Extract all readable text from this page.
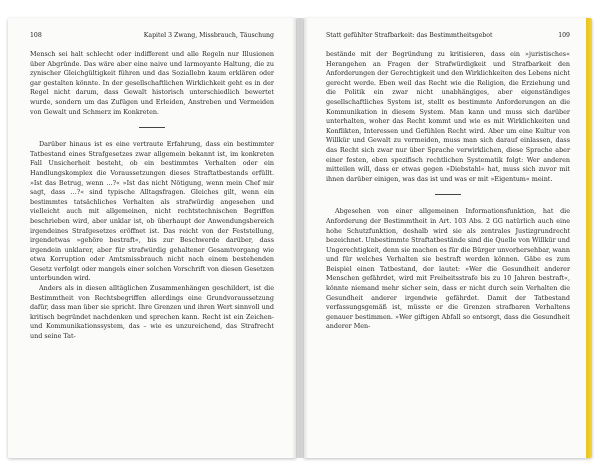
108	Kapitel 3 Zwang, Missbrauch, Täuschung

Mensch sei halt schlecht oder indifferent und alle Regeln nur Illusionen über Abgründe. Das wäre aber eine naive und larmoyante Haltung, die zu zynischer Gleichgültigkeit führen und das Soziallebn kaum erklären oder gar gestalten könnte. In der gesellschaftlichen Wirklichkeit geht es in der Regel nicht darum, dass Gewalt historisch unterschiedlich bewertet wurde, sondern um das Zufügen und Erleiden, Anstreben und Vermeiden von Gewalt und Schmerz im Konkreten.

Darüber hinaus ist es eine vertraute Erfahrung, dass ein bestimmter Tatbestand eines Strafgesetzes zwar allgemein bekannt ist, im konkreten Fall Unsicherheit besteht, ob ein bestimmtes Verhalten oder ein Handlungskomplex die Voraussetzungen dieses Straftatbestands erfüllt. »Ist das Betrug, wenn …?« »Ist das nicht Nötigung, wenn mein Chef mir sagt, dass …?« sind typische Alltagsfragen. Gleiches gilt, wenn ein bestimmtes tatsächliches Verhalten als strafwürdig angesehen und vielleicht auch mit allgemeinen, nicht rechtstechnischen Begriffen beschrieben wird, aber unklar ist, ob überhaupt der Anwendungsbereich irgendeines Strafgesetzes eröffnet ist. Das reicht von der Feststellung, irgendetwas »gehöre bestraft«, bis zur Beschwerde darüber, dass irgendein unklarer, aber für strafwürdig gehaltener Gesamtvorgang wie etwa Korruption oder Amtsmissbrauch nicht nach einem bestehenden Gesetz verfolgt oder mangels einer solchen Vorschrift von diesen Gesetzen unterbunden wird.

Anders als in diesen alltäglichen Zusammenhängen geschildert, ist die Bestimmtheit von Rechtsbegriffen allerdings eine Grundvoraussetzung dafür, dass man über sie spricht. Ihre Grenzen und ihren Wert sinnvoll und kritisch begründet nachdenken und sprechen kann. Recht ist ein Zeichen- und Kommunikationssystem, das – wie es unzureichend, das Strafrecht und seine Tat-

Statt gefühlter Strafbarkeit: das Bestimmtheitsgebot	109

bestände mit der Begründung zu kritisieren, dass ein »juristisches« Herangehen an Fragen der Strafwürdigkeit und Strafbarkeit den Anforderungen der Gerechtigkeit und den Wirklichkeiten des Lebens nicht gerecht werde. Eben weil das Recht wie die Religion, die Erziehung und die Politik ein zwar nicht unabhängiges, aber eigenständiges gesellschaftliches System ist, stellt es bestimmte Anforderungen an die Kommunikation in diesem System. Man kann und muss sich darüber unterhalten, woher das Recht kommt und wie es mit Wirklichkeiten und Konflikten, Interessen und Gefühlen Recht wird. Aber um eine Kultur von Willkür und Gewalt zu vermeiden, muss man sich darauf einlassen, dass das Recht sich zwar nur über Sprache verwirklichen, diese Sprache aber einer festen, eben spezifisch rechtlichen Systematik folgt: Wer anderen mitteilen will, dass er etwas gegen »Diebstahl« hat, muss sich zuvor mit ihnen darüber einigen, was das ist und was er mit »Eigentum« meint.

Abgesehen von einer allgemeinen Informationsfunktion, hat die Anforderung der Bestimmtheit in Art. 103 Abs. 2 GG natürlich auch eine hohe Schutzfunktion, deshalb wird sie als zentrales Justizgrundrecht bezeichnet. Unbestimmte Straftatbestände sind die Quelle von Willkür und Ungerechtigkeit, denn sie machen es für die Bürger unvorhersehbar, wann und für welches Verhalten sie bestraft werden können. Gäbe es zum Beispiel einen Tatbestand, der lautet: »Wer die Gesundheit anderer Menschen gefährdet, wird mit Freiheitsstrafe bis zu 10 Jahren bestraft«, könnte niemand mehr sicher sein, dass er nicht durch sein Verhalten die Gesundheit anderer irgendwie gefährdet. Damit der Tatbestand verfassungsgemäß ist, müsste er die Grenzen strafbaren Verhaltens genauer bestimmen. »Wer giftigen Abfall so entsorgt, dass die Gesundheit anderer Men-
